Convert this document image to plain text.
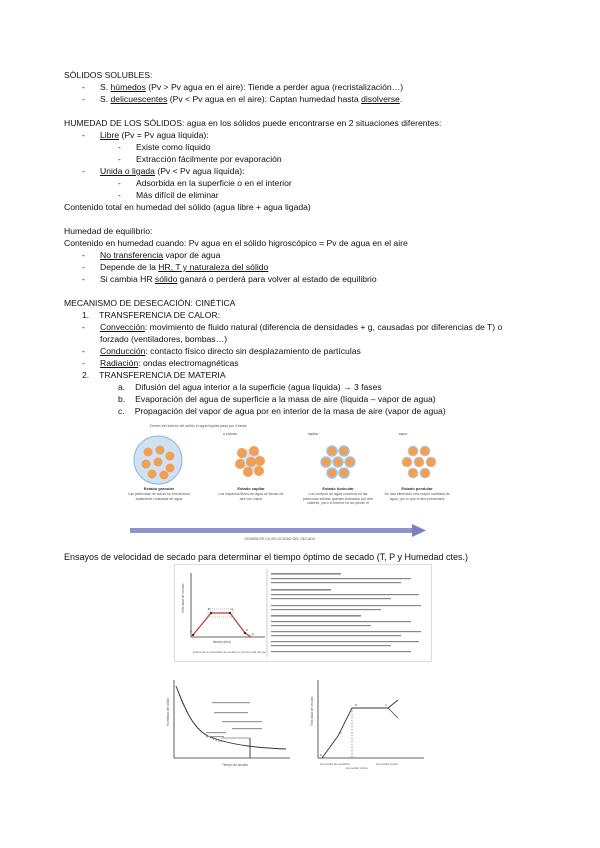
SÓLIDOS SOLUBLES:
- S. húmedos (Pv > Pv agua en el aire): Tiende a perder agua (recristalización…)
- S. delicuescentes (Pv < Pv agua en el aire): Captan humedad hasta disolverse.
HUMEDAD DE LOS SÓLIDOS: agua en los sólidos puede encontrarse en 2 situaciones diferentes:
- Libre (Pv = Pv agua líquida):
- Existe como líquido
- Extracción fácilmente por evaporación
- Unida o ligada (Pv < Pv agua líquida):
- Adsorbida en la superficie o en el interior
- Más difícil de eliminar
Contenido total en humedad del sólido (agua libre + agua ligada)
Humedad de equilibrio:
Contenido en humedad cuando: Pv agua en el sólido higroscópico = Pv de agua en el aire
- No transferencia vapor de agua
- Depende de la HR, T y naturaleza del sólido
- Si cambia HR sólido ganará o perderá para volver al estado de equilibrio
MECANISMO DE DESECACIÓN: CINÉTICA
1. TRANSFERENCIA DE CALOR:
- Convección: movimiento de fluido natural (diferencia de densidades + g, causadas por diferencias de T) o
forzado (ventiladores, bombas…)
- Conducción: contacto físico directo sin desplazamiento de partículas
- Radiación: ondas electromagnéticas
2. TRANSFERENCIA DE MATERIA
a. Difusión del agua interior a la superficie (agua líquida) → 3 fases
b. Evaporación del agua de superficie a la masa de aire (líquida – vapor de agua)
c. Propagación del vapor de agua por en interior de la masa de aire (vapor de agua)
Dentro del interior del sólido el agua líquida pasa por 4 fases
a saturar	capilar	vapor
Estado granular
Las partículas de sólido se encuentran totalmente rodeadas de agua
Estado capilar
Los espacios libres de agua se llenan de aire con vapor
Estado funicular
Los cuerpos de agua contínua en las partículas sólidas quedan rodeados por aire caliente, pero el interior no se pierde el
Estado pendular
Se han eliminado una mayor cantidad de agua, por lo que el aire predomina
DISMINUYE LA VELOCIDAD DEL SECADO
Ensayos de velocidad de secado para determinar el tiempo óptimo de secado (T, P y Humedad ctes.)
Velocidad de secado
tiempo (min)
A
B	C
D
E
Fases de la velocidad de secado en función del tiempo
Humedad del sólido
Tiempo de secado
B	A
C
E
Velocidad de secado
Humedad de equilibrio
Humedad crítica
Humedad inicial
